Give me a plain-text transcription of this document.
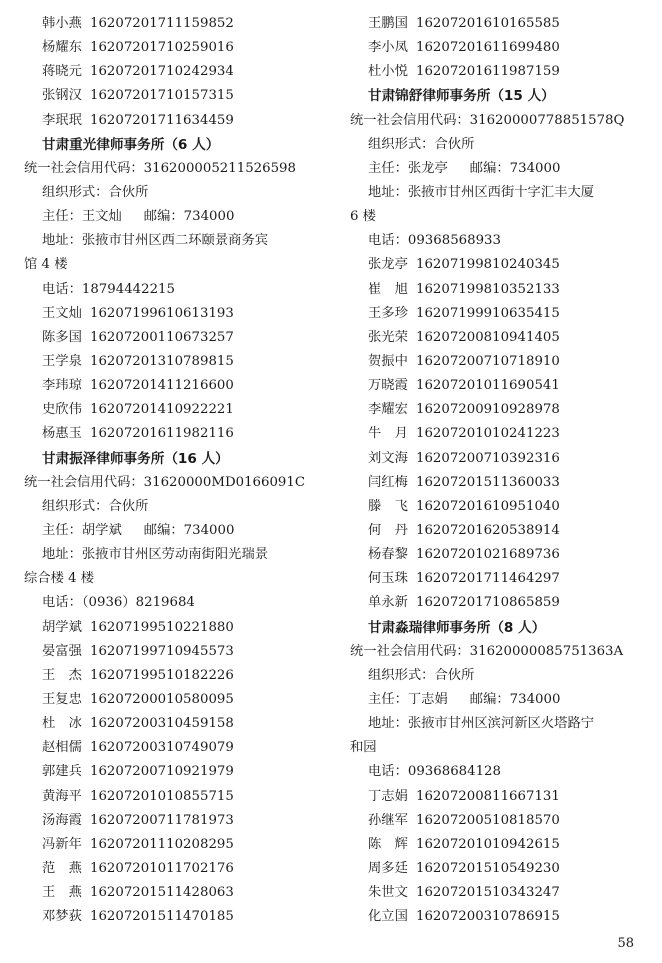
韩小燕 16207201711159852
杨耀东 16207201710259016
蒋晓元 16207201710242934
张钢汉 16207201710157315
李珉珉 16207201711634459
甘肃重光律师事务所（6 人）
统一社会信用代码：316200005211526598
组织形式：合伙所
主任：王文灿 邮编：734000
地址：张掖市甘州区西二环颐景商务宾
馆 4 楼
电话：18794442215
王文灿 16207199610613193
陈多国 16207200110673257
王学泉 16207201310789815
李玮琼 16207201411216600
史欣伟 16207201410922221
杨惠玉 16207201611982116
甘肃振泽律师事务所（16 人）
统一社会信用代码：31620000MD0166091C
组织形式：合伙所
主任：胡学斌 邮编：734000
地址：张掖市甘州区劳动南街阳光瑞景
综合楼 4 楼
电话：（0936）8219684
胡学斌 16207199510221880
晏富强 16207199710945573
王　杰 16207199510182226
王复忠 16207200010580095
杜　冰 16207200310459158
赵相儒 16207200310749079
郭建兵 16207200710921979
黄海平 16207201010855715
汤海霞 16207200711781973
冯新年 16207201110208295
范　燕 16207201011702176
王　燕 16207201511428063
邓梦荻 16207201511470185
王鹏国 16207201610165585
李小凤 16207201611699480
杜小悦 16207201611987159
甘肃锦舒律师事务所（15 人）
统一社会信用代码：31620000778851578Q
组织形式：合伙所
主任：张龙亭 邮编：734000
地址：张掖市甘州区西街十字汇丰大厦
6 楼
电话：09368568933
张龙亭 16207199810240345
崔　旭 16207199810352133
王多珍 16207199910635415
张光荣 16207200810941405
贺振中 16207200710718910
万晓霞 16207201011690541
李耀宏 16207200910928978
牛　月 16207201010241223
刘文海 16207200710392316
闫红梅 16207201511360033
滕　飞 16207201610951040
何　丹 16207201620538914
杨春黎 16207201021689736
何玉珠 16207201711464297
单永新 16207201710865859
甘肃淼瑞律师事务所（8 人）
统一社会信用代码：31620000085751363A
组织形式：合伙所
主任：丁志娟 邮编：734000
地址：张掖市甘州区滨河新区火塔路宁
和园
电话：09368684128
丁志娟 16207200811667131
孙继军 16207200510818570
陈　辉 16207201010942615
周多廷 16207201510549230
朱世文 16207201510343247
化立国 16207200310786915
58
